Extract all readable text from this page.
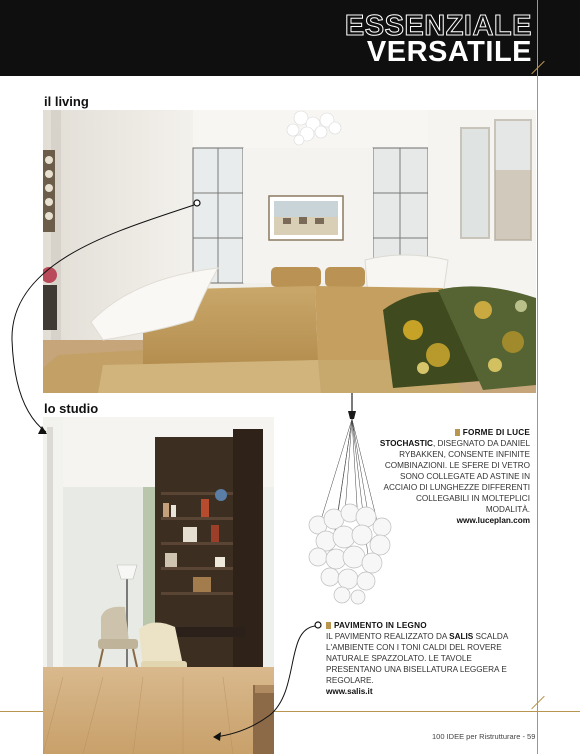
ESSENZIALE
VERSATILE
il living
lo studio
FORME DI LUCE
STOCHASTIC, DISEGNATO DA DANIEL RYBAKKEN, CONSENTE INFINITE COMBINAZIONI. LE SFERE DI VETRO SONO COLLEGATE AD ASTINE IN ACCIAIO DI LUNGHEZZE DIFFERENTI COLLEGABILI IN MOLTEPLICI MODALITÀ.
www.luceplan.com
PAVIMENTO IN LEGNO
IL PAVIMENTO REALIZZATO DA SALIS SCALDA L'AMBIENTE CON I TONI CALDI DEL ROVERE NATURALE SPAZZOLATO. LE TAVOLE PRESENTANO UNA BISELLATURA LEGGERA E REGOLARE.
www.salis.it
100 IDEE per Ristrutturare - 59
